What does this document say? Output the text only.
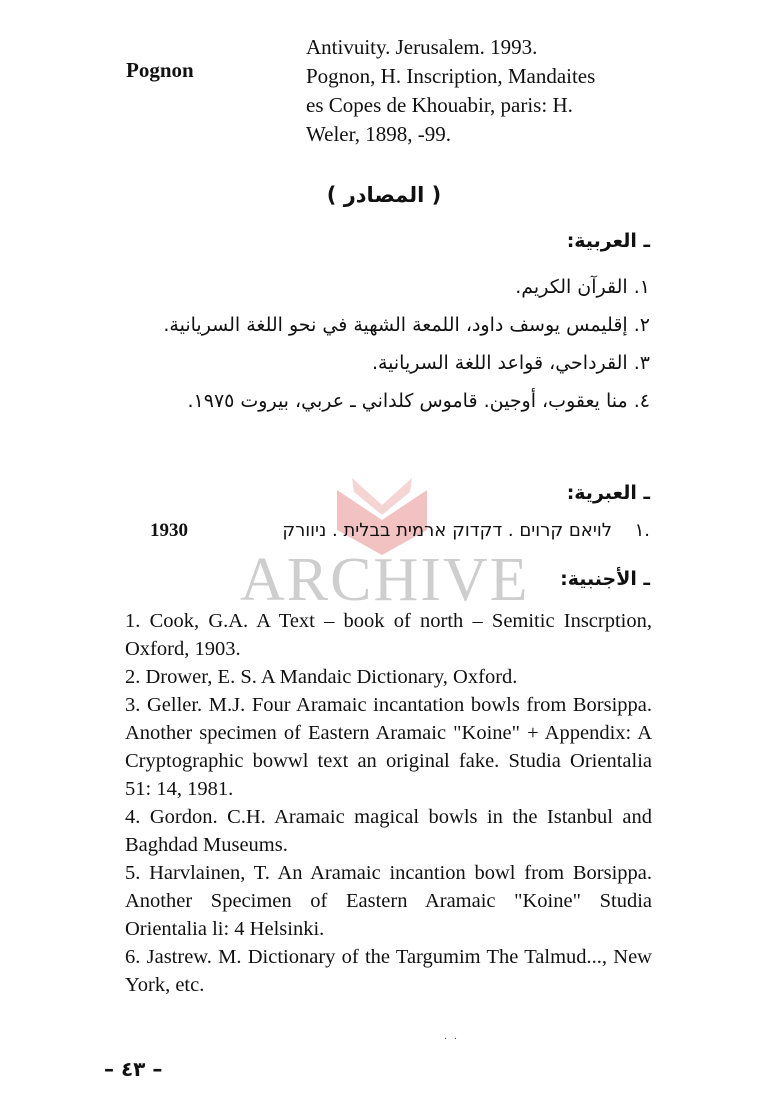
ARCHIVE
Pognon
Antivuity. Jerusalem. 1993.
Pognon, H. Inscription, Mandaites
es Copes de Khouabir, paris: H.
Weler, 1898, -99.
( المصادر )
ـ العربية:
١. القرآن الكريم.
٢. إقليمس يوسف داود، اللمعة الشهية في نحو اللغة السريانية.
٣. القرداحي، قواعد اللغة السريانية.
٤. منا يعقوب، أوجين. قاموس كلداني ـ عربي، بيروت ١٩٧٥.
ـ العبرية:
١.
לויאם קרוים . דקדוק ארמית בבלית . ניוורק
1930
ـ الأجنبية:
1. Cook, G.A. A Text – book of north – Semitic Inscrption, Oxford, 1903.
2. Drower, E. S. A Mandaic Dictionary, Oxford.
3. Geller. M.J. Four Aramaic incantation bowls from Borsippa. Another specimen of Eastern Aramaic "Koine" + Appendix: A Cryptographic bowwl text an original fake. Studia Orientalia 51: 14, 1981.
4. Gordon. C.H. Aramaic magical bowls in the Istanbul and Baghdad Museums.
5. Harvlainen, T. An Aramaic incantion bowl from Borsippa. Another Specimen of Eastern Aramaic "Koine" Studia Orientalia li: 4 Helsinki.
6. Jastrew. M. Dictionary of the Targumim The Talmud..., New York, etc.
· ·
– ٤٣ –
